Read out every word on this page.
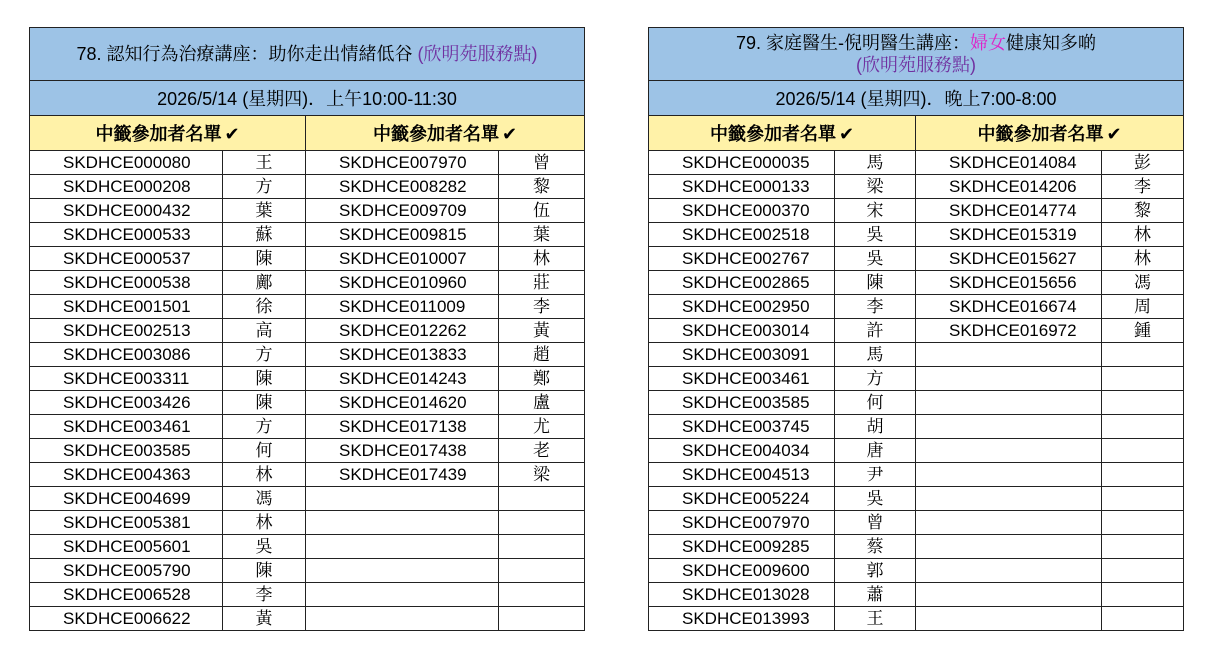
78. 認知行為治療講座：助你走出情緒低谷 (欣明苑服務點)			
2026/5/14 (星期四)．上午10:00-11:30			
中籤參加者名單 ✔		中籤參加者名單 ✔	
SKDHCE000080	王	SKDHCE007970	曾
SKDHCE000208	方	SKDHCE008282	黎
SKDHCE000432	葉	SKDHCE009709	伍
SKDHCE000533	蘇	SKDHCE009815	葉
SKDHCE000537	陳	SKDHCE010007	林
SKDHCE000538	鄺	SKDHCE010960	莊
SKDHCE001501	徐	SKDHCE011009	李
SKDHCE002513	高	SKDHCE012262	黃
SKDHCE003086	方	SKDHCE013833	趙
SKDHCE003311	陳	SKDHCE014243	鄭
SKDHCE003426	陳	SKDHCE014620	盧
SKDHCE003461	方	SKDHCE017138	尤
SKDHCE003585	何	SKDHCE017438	老
SKDHCE004363	林	SKDHCE017439	梁
SKDHCE004699	馮		
SKDHCE005381	林		
SKDHCE005601	吳		
SKDHCE005790	陳		
SKDHCE006528	李		
SKDHCE006622	黃		
79. 家庭醫生-倪明醫生講座：婦女健康知多啲
(欣明苑服務點)			
2026/5/14 (星期四)．晚上7:00-8:00			
中籤參加者名單 ✔		中籤參加者名單 ✔	
SKDHCE000035	馬	SKDHCE014084	彭
SKDHCE000133	梁	SKDHCE014206	李
SKDHCE000370	宋	SKDHCE014774	黎
SKDHCE002518	吳	SKDHCE015319	林
SKDHCE002767	吳	SKDHCE015627	林
SKDHCE002865	陳	SKDHCE015656	馮
SKDHCE002950	李	SKDHCE016674	周
SKDHCE003014	許	SKDHCE016972	鍾
SKDHCE003091	馬		
SKDHCE003461	方		
SKDHCE003585	何		
SKDHCE003745	胡		
SKDHCE004034	唐		
SKDHCE004513	尹		
SKDHCE005224	吳		
SKDHCE007970	曾		
SKDHCE009285	蔡		
SKDHCE009600	郭		
SKDHCE013028	蕭		
SKDHCE013993	王		
